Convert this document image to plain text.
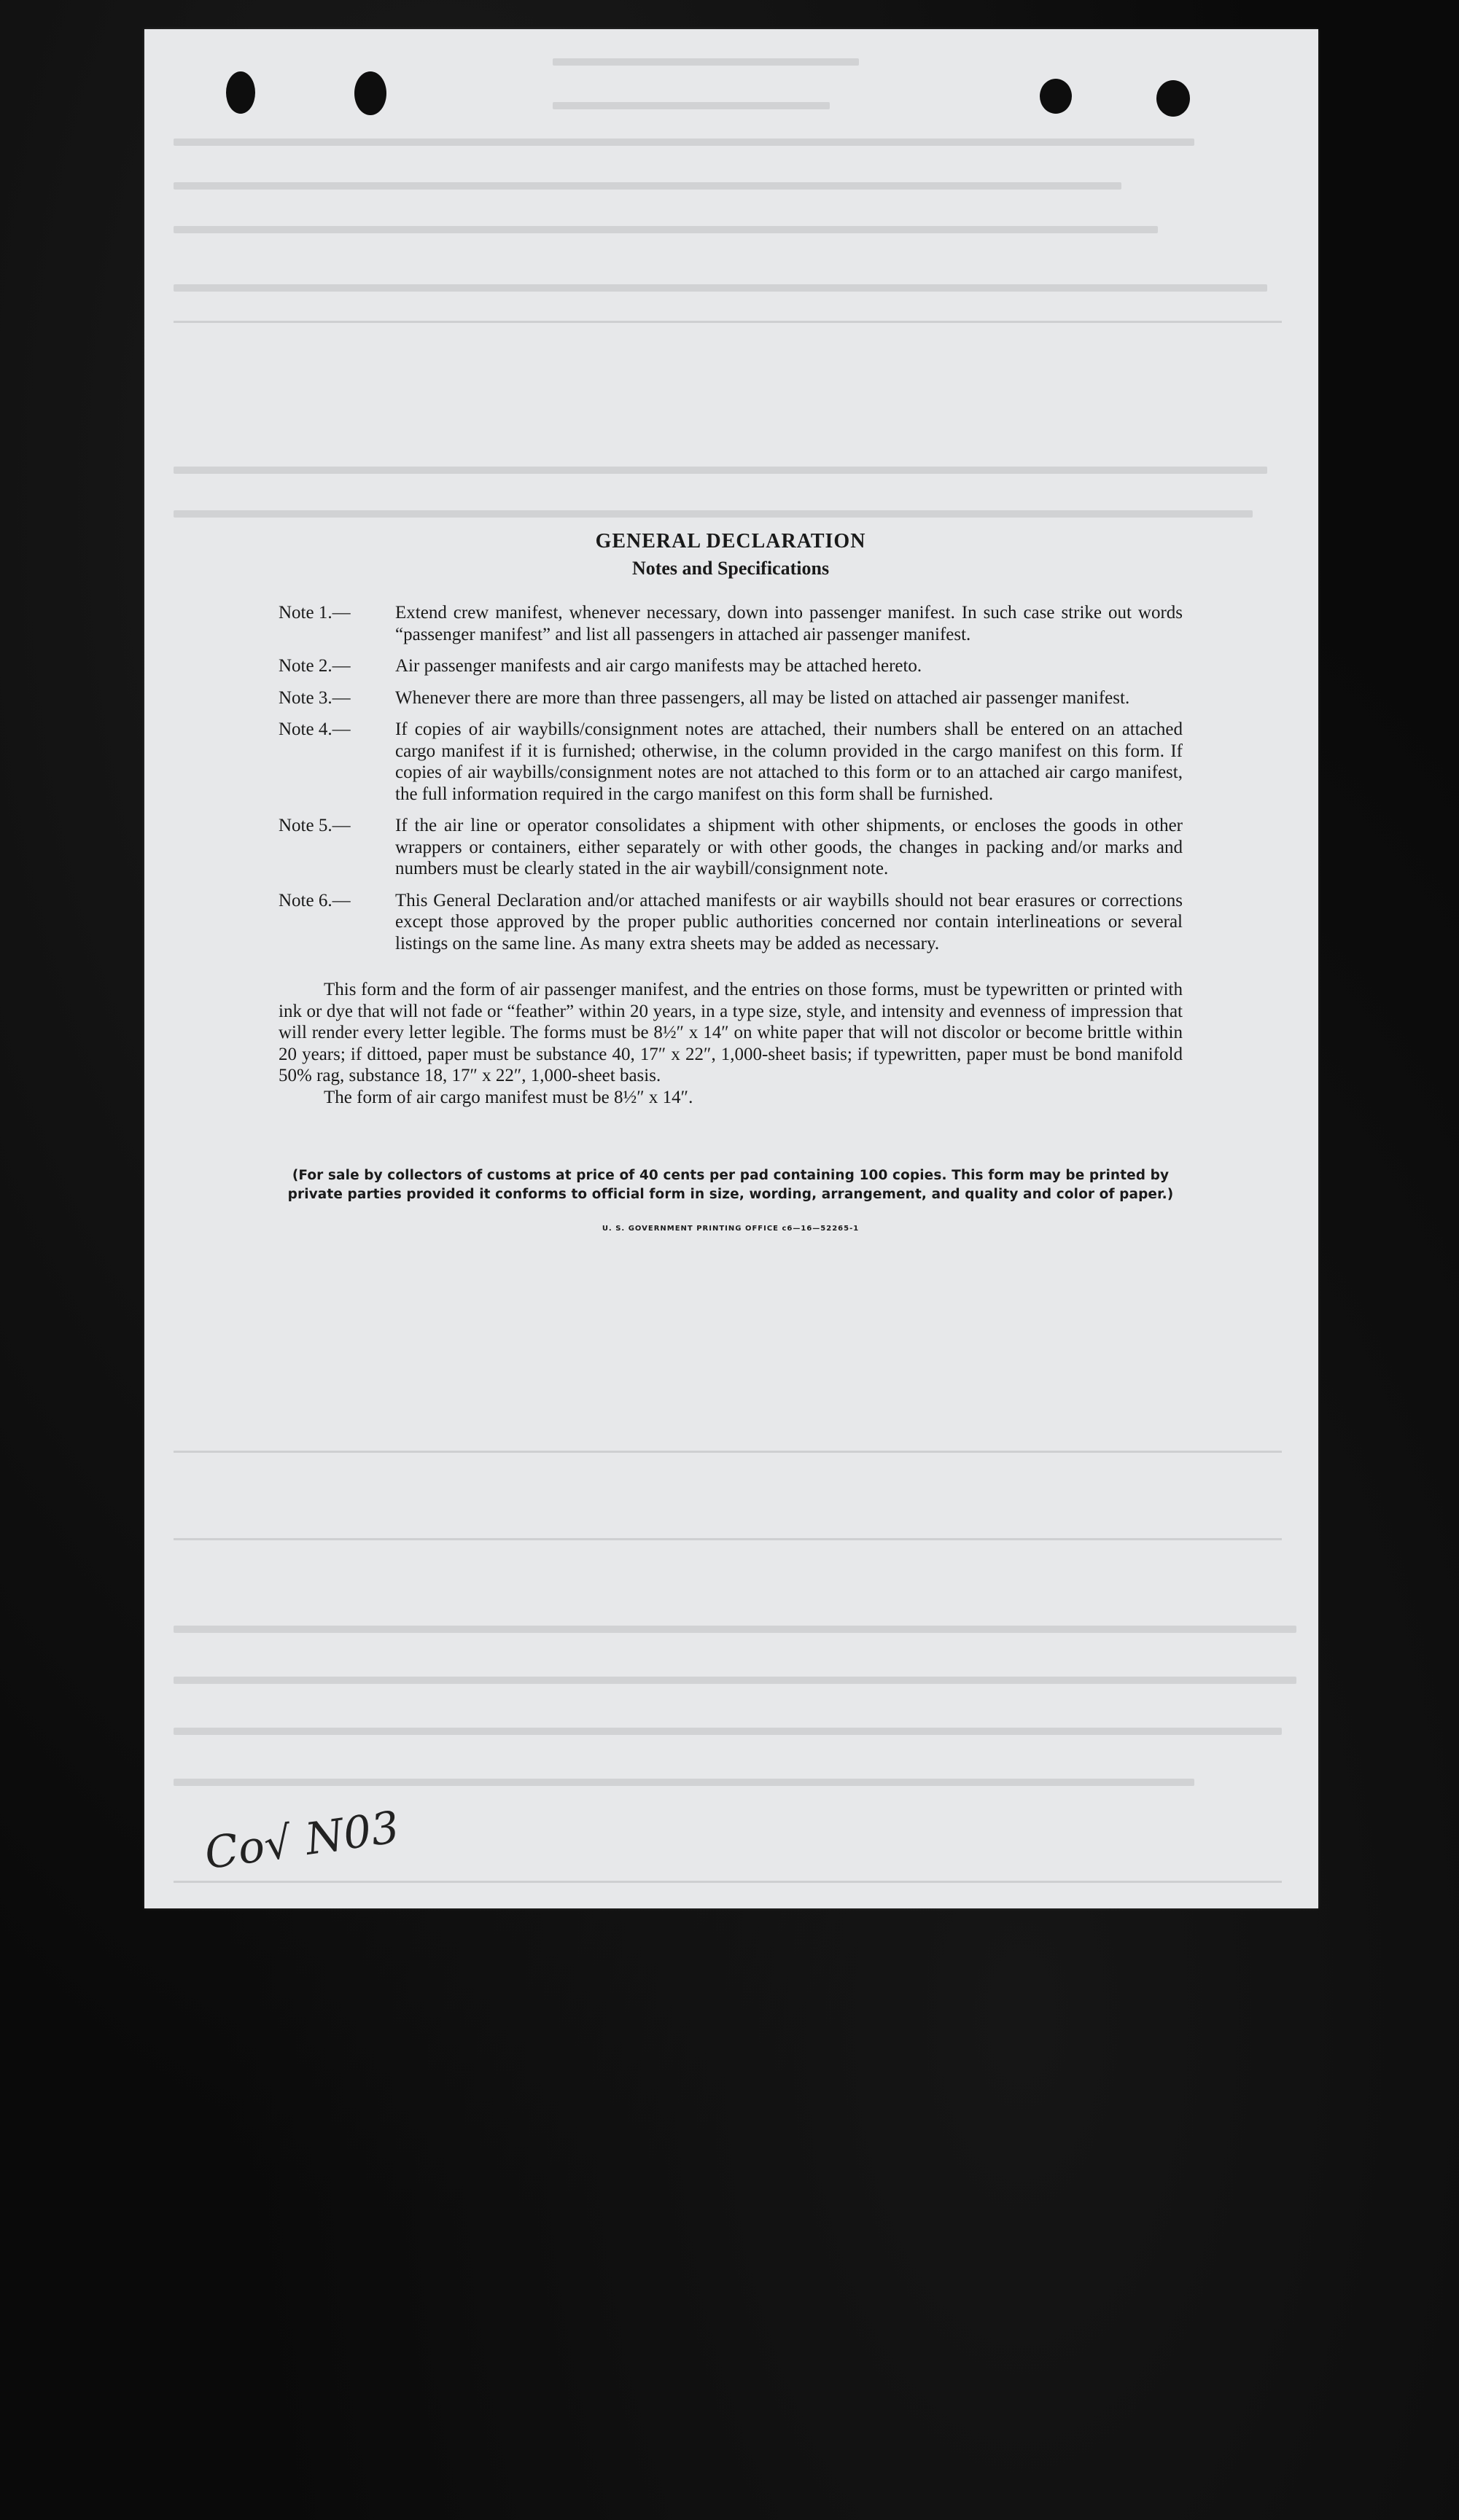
GENERAL DECLARATION

Notes and Specifications

Note 1.—	Extend crew manifest, whenever necessary, down into passenger manifest. In such case strike out words “passenger manifest” and list all passengers in attached air passenger manifest.
Note 2.—	Air passenger manifests and air cargo manifests may be attached hereto.
Note 3.—	Whenever there are more than three passengers, all may be listed on attached air passenger manifest.
Note 4.—	If copies of air waybills/consignment notes are attached, their numbers shall be entered on an attached cargo manifest if it is furnished; otherwise, in the column provided in the cargo manifest on this form. If copies of air waybills/consignment notes are not attached to this form or to an attached air cargo manifest, the full information required in the cargo manifest on this form shall be furnished.
Note 5.—	If the air line or operator consolidates a shipment with other shipments, or encloses the goods in other wrappers or containers, either separately or with other goods, the changes in packing and/or marks and numbers must be clearly stated in the air waybill/consignment note.
Note 6.—	This General Declaration and/or attached manifests or air waybills should not bear erasures or corrections except those approved by the proper public authorities concerned nor contain interlineations or several listings on the same line. As many extra sheets may be added as necessary.

This form and the form of air passenger manifest, and the entries on those forms, must be typewritten or printed with ink or dye that will not fade or “feather” within 20 years, in a type size, style, and intensity and evenness of impression that will render every letter legible. The forms must be 8½″ x 14″ on white paper that will not discolor or become brittle within 20 years; if dittoed, paper must be substance 40, 17″ x 22″, 1,000-sheet basis; if typewritten, paper must be bond manifold 50% rag, substance 18, 17″ x 22″, 1,000-sheet basis.

The form of air cargo manifest must be 8½″ x 14″.

(For sale by collectors of customs at price of 40 cents per pad containing 100 copies. This form may be printed by private parties provided it conforms to official form in size, wording, arrangement, and quality and color of paper.)
U. S. GOVERNMENT PRINTING OFFICE c6—16—52265-1
Co√ N03
